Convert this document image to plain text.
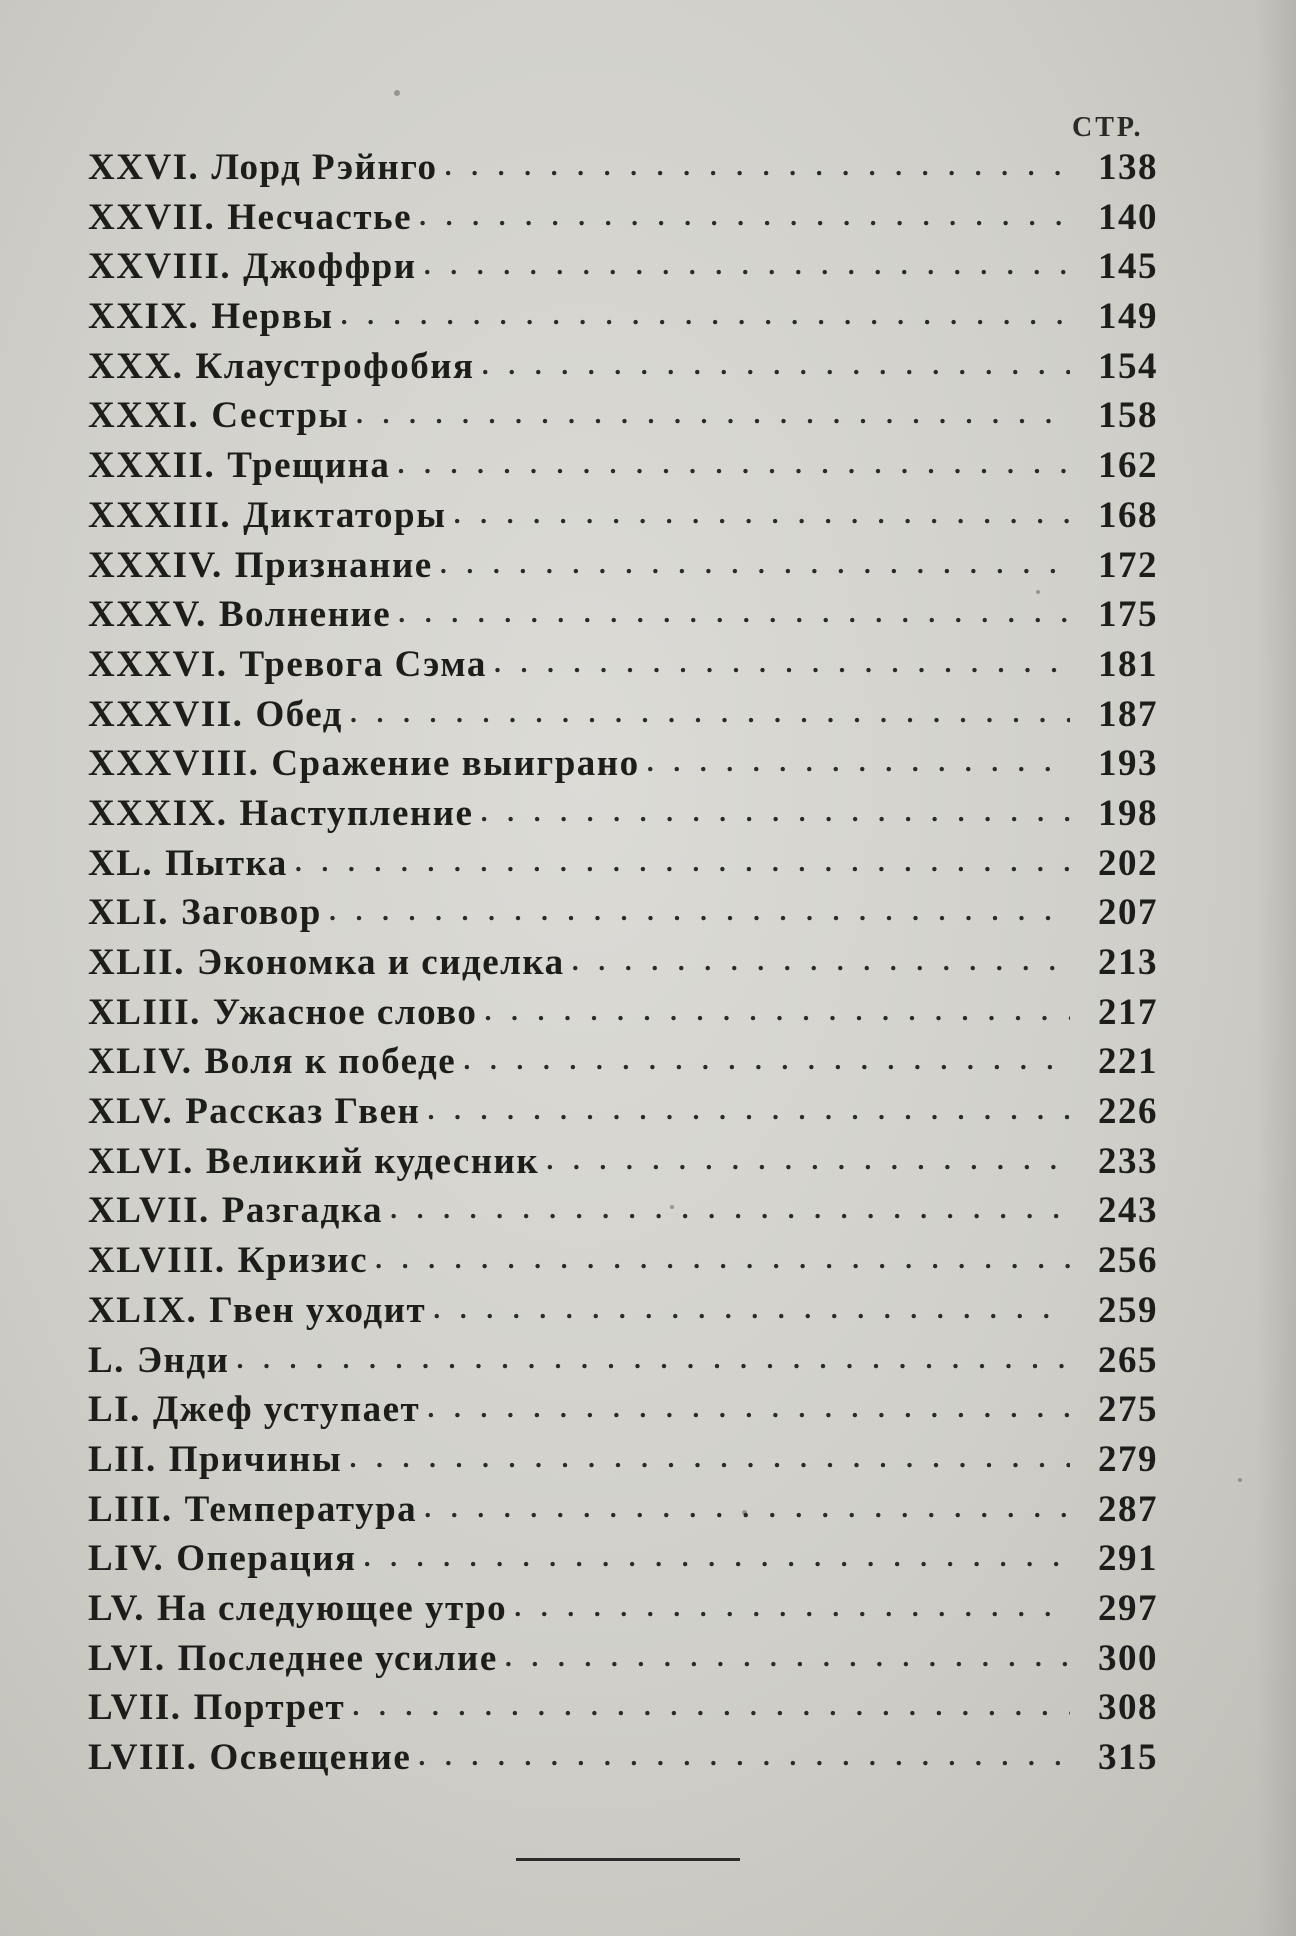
СТР.
XXVI. Лорд Рэйнго . . .	138
XXVII. Несчастье . . .	140
XXVIII. Джоффри . . .	145
XXIX. Нервы . . .	149
XXX. Клаустрофобия . . .	154
XXXI. Сестры . . .	158
XXXII. Трещина . . .	162
XXXIII. Диктаторы . . .	168
XXXIV. Признание . . .	172
XXXV. Волнение . . .	175
XXXVI. Тревога Сэма . . .	181
XXXVII. Обед . . .	187
XXXVIII. Сражение выиграно . . .	193
XXXIX. Наступление . . .	198
XL. Пытка . . .	202
XLI. Заговор . . .	207
XLII. Экономка и сиделка . . .	213
XLIII. Ужасное слово . . .	217
XLIV. Воля к победе . . .	221
XLV. Рассказ Гвен . . .	226
XLVI. Великий кудесник . . .	233
XLVII. Разгадка . . .	243
XLVIII. Кризис . . .	256
XLIX. Гвен уходит . . .	259
L. Энди . . .	265
LI. Джеф уступает . . .	275
LII. Причины . . .	279
LIII. Температура . . .	287
LIV. Операция . . .	291
LV. На следующее утро . . .	297
LVI. Последнее усилие . . .	300
LVII. Портрет . . .	308
LVIII. Освещение . . .	315
